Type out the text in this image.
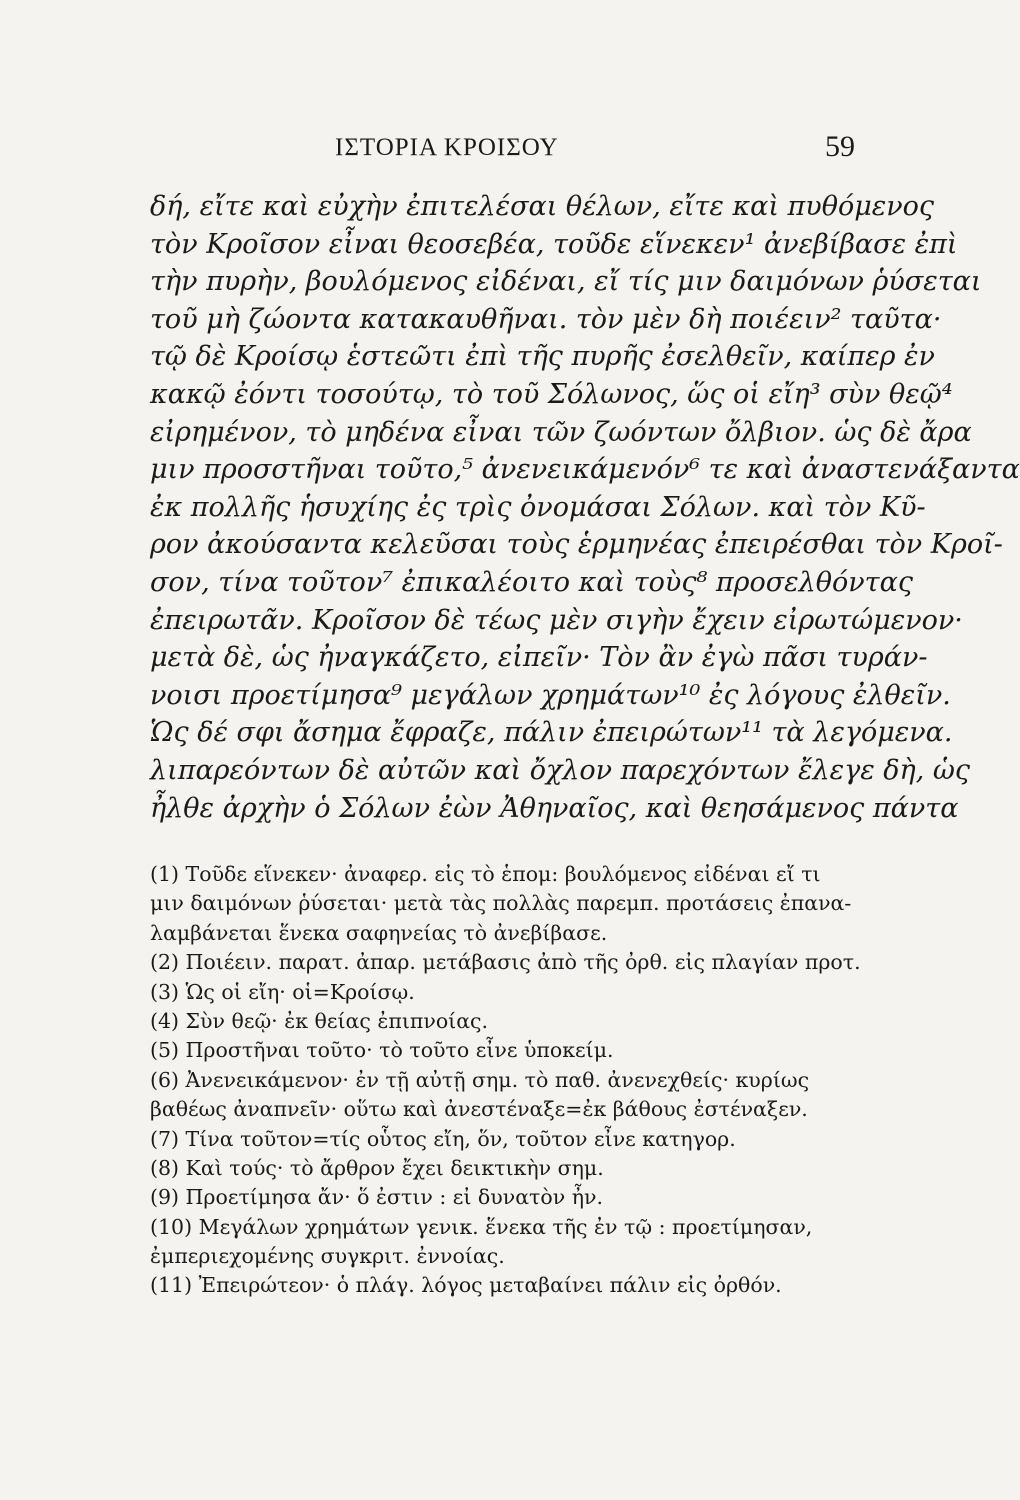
ΙΣΤΟΡΙΑ ΚΡΟΙΣΟΥ	59
δή, εἴτε καὶ εὐχὴν ἐπιτελέσαι θέλων, εἴτε καὶ πυθόμενος
τὸν Κροῖσον εἶναι θεοσεβέα, τοῦδε εἵνεκεν¹ ἀνεβίβασε ἐπὶ
τὴν πυρὴν, βουλόμενος εἰδέναι, εἴ τίς μιν δαιμόνων ῥύσεται
τοῦ μὴ ζώοντα κατακαυθῆναι. τὸν μὲν δὴ ποιέειν² ταῦτα·
τῷ δὲ Κροίσῳ ἑστεῶτι ἐπὶ τῆς πυρῆς ἐσελθεῖν, καίπερ ἐν
κακῷ ἐόντι τοσούτῳ, τὸ τοῦ Σόλωνος, ὥς οἱ εἴη³ σὺν θεῷ⁴
εἰρημένον, τὸ μηδένα εἶναι τῶν ζωόντων ὄλβιον. ὡς δὲ ἄρα
μιν προσστῆναι τοῦτο,⁵ ἀνενεικάμενόν⁶ τε καὶ ἀναστενάξαντα
ἐκ πολλῆς ἡσυχίης ἐς τρὶς ὀνομάσαι Σόλων. καὶ τὸν Κῦ-
ρον ἀκούσαντα κελεῦσαι τοὺς ἑρμηνέας ἐπειρέσθαι τὸν Κροῖ-
σον, τίνα τοῦτον⁷ ἐπικαλέοιτο καὶ τοὺς⁸ προσελθόντας
ἐπειρωτᾶν. Κροῖσον δὲ τέως μὲν σιγὴν ἔχειν εἰρωτώμενον·
μετὰ δὲ, ὡς ἠναγκάζετο, εἰπεῖν· Τὸν ἂν ἐγὼ πᾶσι τυράν-
νοισι προετίμησα⁹ μεγάλων χρημάτων¹⁰ ἐς λόγους ἐλθεῖν.
Ὡς δέ σφι ἄσημα ἔφραζε, πάλιν ἐπειρώτων¹¹ τὰ λεγόμενα.
λιπαρεόντων δὲ αὐτῶν καὶ ὄχλον παρεχόντων ἔλεγε δὴ, ὡς
ἦλθε ἀρχὴν ὁ Σόλων ἐὼν Ἀθηναῖος, καὶ θεησάμενος πάντα
(1) Τοῦδε εἵνεκεν· ἀναφερ. εἰς τὸ ἑπομ: βουλόμενος εἰδέναι εἴ τι
μιν δαιμόνων ῥύσεται· μετὰ τὰς πολλὰς παρεμπ. προτάσεις ἐπανα-
λαμβάνεται ἕνεκα σαφηνείας τὸ ἀνεβίβασε.
(2) Ποιέειν. παρατ. ἀπαρ. μετάβασις ἀπὸ τῆς ὀρθ. εἰς πλαγίαν προτ.
(3) Ὡς οἱ εἴη· οἱ=Κροίσῳ.
(4) Σὺν θεῷ· ἐκ θείας ἐπιπνοίας.
(5) Προστῆναι τοῦτο· τὸ τοῦτο εἶνε ὑποκείμ.
(6) Ἀνενεικάμενον· ἐν τῇ αὐτῇ σημ. τὸ παθ. ἀνενεχθείς· κυρίως
βαθέως ἀναπνεῖν· οὕτω καὶ ἀνεστέναξε=ἐκ βάθους ἐστέναξεν.
(7) Τίνα τοῦτον=τίς οὗτος εἴη, ὅν, τοῦτον εἶνε κατηγορ.
(8) Καὶ τούς· τὸ ἄρθρον ἔχει δεικτικὴν σημ.
(9) Προετίμησα ἄν· ὅ ἐστιν : εἰ δυνατὸν ἦν.
(10) Μεγάλων χρημάτων γενικ. ἕνεκα τῆς ἐν τῷ : προετίμησαν,
ἐμπεριεχομένης συγκριτ. ἐννοίας.
(11) Ἐπειρώτεον· ὁ πλάγ. λόγος μεταβαίνει πάλιν εἰς ὀρθόν.
